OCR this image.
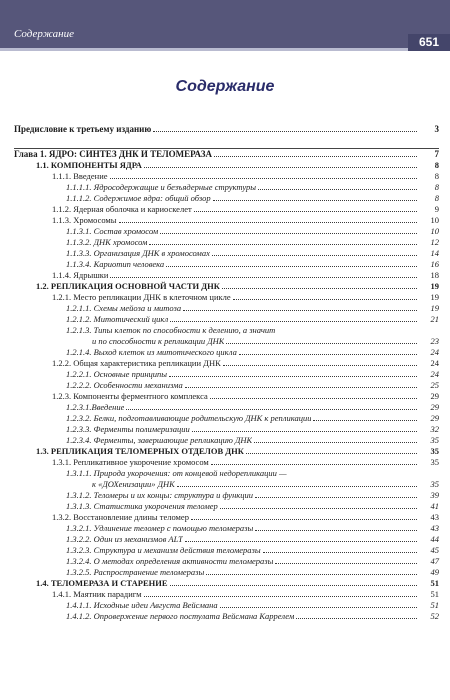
Содержание
651
Содержание
Предисловие к третьему изданию	3
Глава 1. ЯДРО: СИНТЕЗ ДНК И ТЕЛОМЕРАЗА	7
1.1. КОМПОНЕНТЫ ЯДРА	8
1.1.1. Введение	8
1.1.1.1. Ядросодержащие и безъядерные структуры	8
1.1.1.2. Содержимое ядра: общий обзор	8
1.1.2. Ядерная оболочка и кариоскелет	9
1.1.3. Хромосомы	10
1.1.3.1. Состав хромосом	10
1.1.3.2. ДНК хромосом	12
1.1.3.3. Организация ДНК в хромосомах	14
1.1.3.4. Кариотип человека	16
1.1.4. Ядрышки	18
1.2. РЕПЛИКАЦИЯ ОСНОВНОЙ ЧАСТИ ДНК	19
1.2.1. Место репликации ДНК в клеточном цикле	19
1.2.1.1. Схемы мейоза и митоза	19
1.2.1.2. Митотический цикл	21
1.2.1.3. Типы клеток по способности к делению, а значит
и по способности к репликации ДНК	23
1.2.1.4. Выход клеток из митотического цикла	24
1.2.2. Общая характеристика репликации ДНК	24
1.2.2.1. Основные принципы	24
1.2.2.2. Особенности механизма	25
1.2.3. Компоненты ферментного комплекса	29
1.2.3.1.Введение	29
1.2.3.2. Белки, подготавливающие родительскую ДНК к репликации	29
1.2.3.3. Ферменты полимеризации	32
1.2.3.4. Ферменты, завершающие репликацию ДНК	35
1.3. РЕПЛИКАЦИЯ ТЕЛОМЕРНЫХ ОТДЕЛОВ ДНК	35
1.3.1. Репликативное укорочение хромосом	35
1.3.1.1. Природа укорочения: от концевой недорепликации —
к «ДОХенизации» ДНК	35
1.3.1.2. Теломеры и их концы: структура и функции	39
1.3.1.3. Статистика укорочения теломер	41
1.3.2. Восстановление длины теломер	43
1.3.2.1. Удлинение теломер с помощью теломеразы	43
1.3.2.2. Один из механизмов ALT	44
1.3.2.3. Структура и механизм действия теломеразы	45
1.3.2.4. О методах определения активности теломеразы	47
1.3.2.5. Распространение теломеразы	49
1.4. ТЕЛОМЕРАЗА И СТАРЕНИЕ	51
1.4.1. Маятник парадигм	51
1.4.1.1. Исходные идеи Августа Вейсмана	51
1.4.1.2. Опровержение первого постулата Вейсмана Каррелем	52
